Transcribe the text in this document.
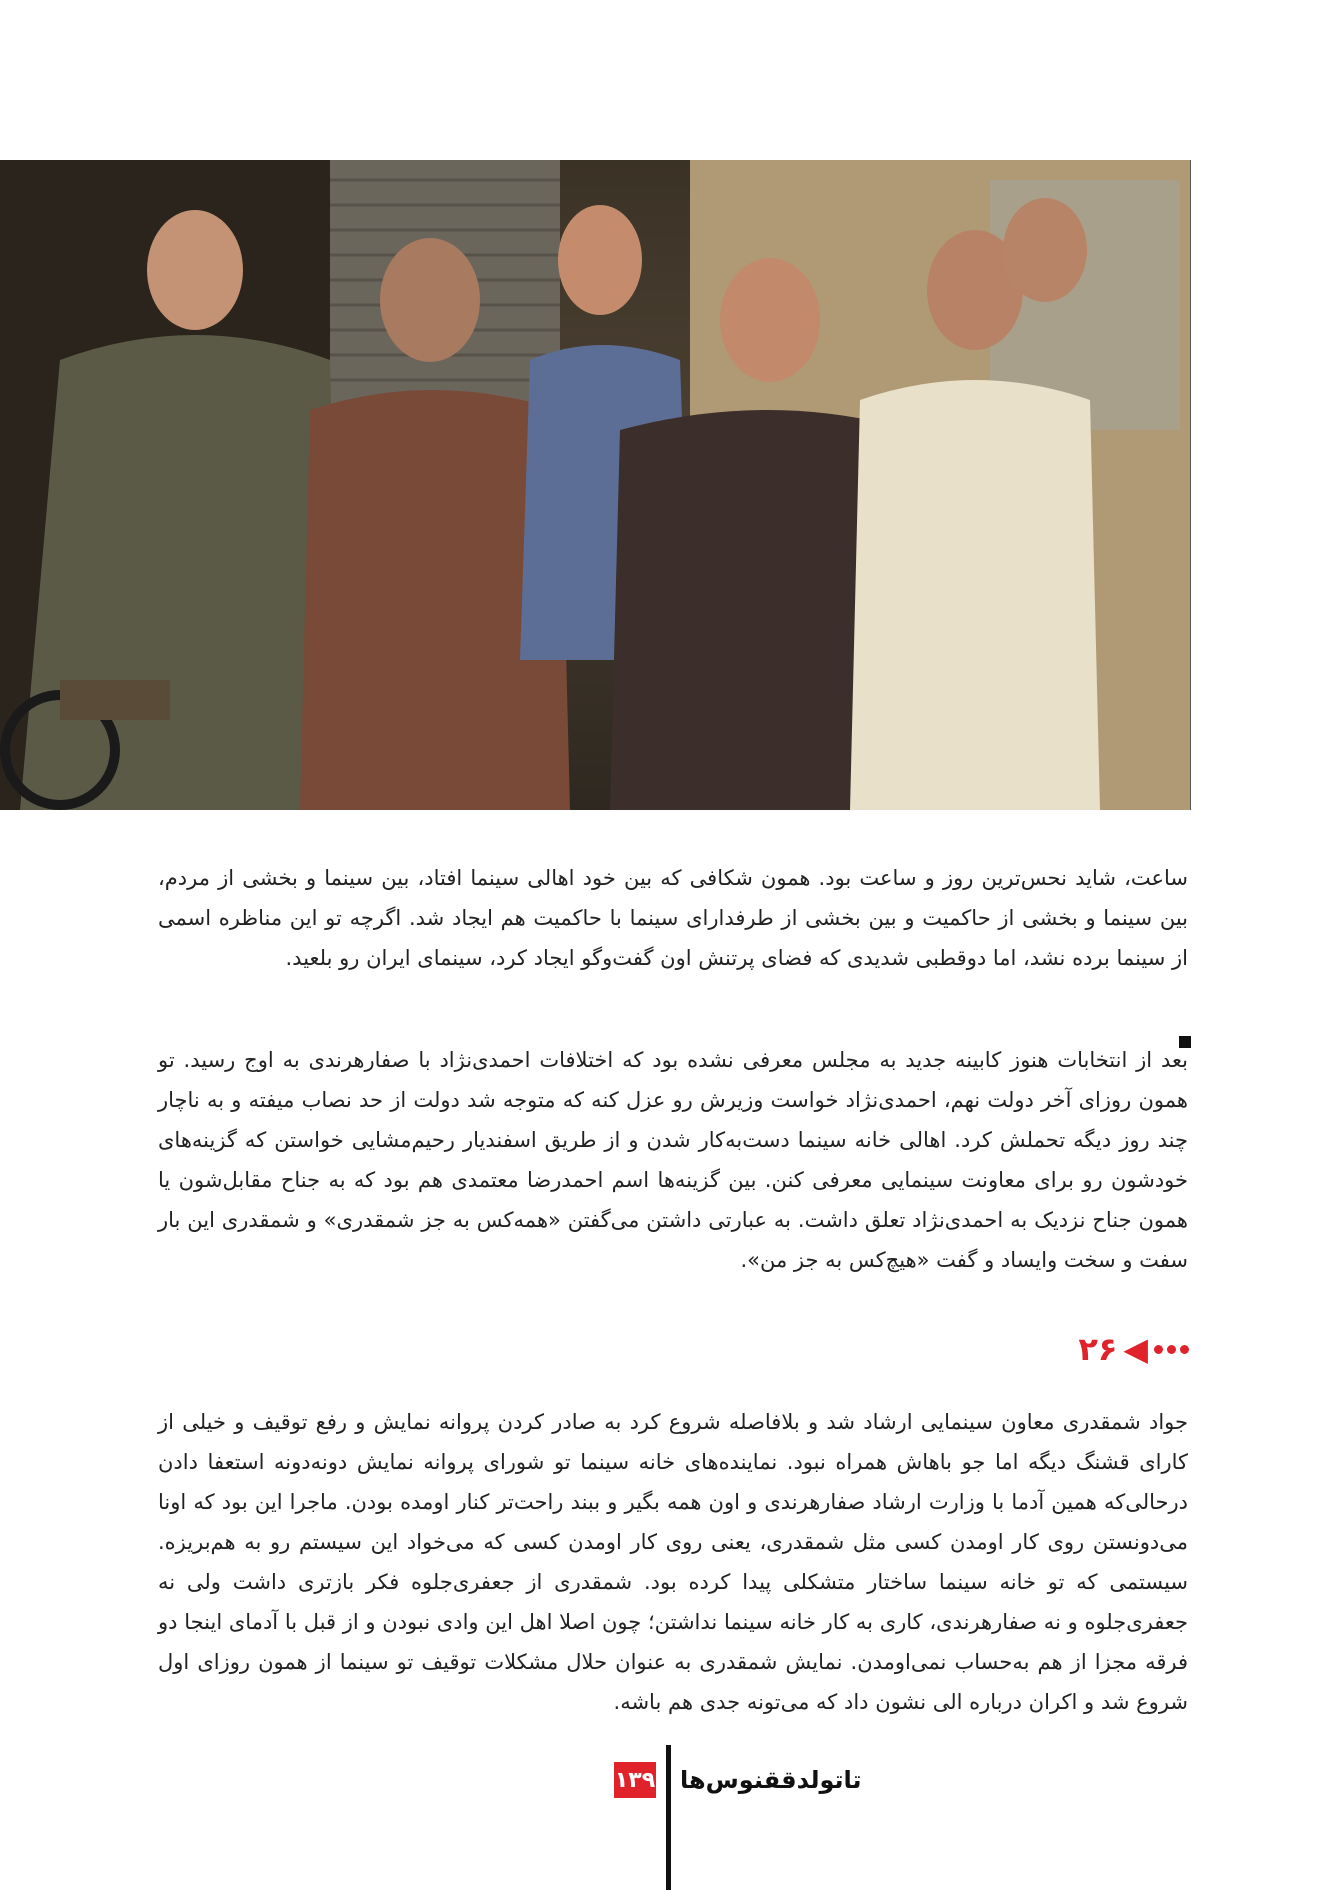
ساعت، شاید نحس‌ترین روز و ساعت بود. همون شکافی که بین خود اهالی سینما افتاد، بین سینما و بخشی از مردم، بین سینما و بخشی از حاکمیت و بین بخشی از طرفدارای سینما با حاکمیت هم ایجاد شد. اگرچه تو این مناظره اسمی از سینما برده نشد، اما دوقطبی شدیدی که فضای پرتنش اون گفت‌وگو ایجاد کرد، سینمای ایران رو بلعید.

بعد از انتخابات هنوز کابینه جدید به مجلس معرفی نشده بود که اختلافات احمدی‌نژاد با صفارهرندی به اوج رسید. تو همون روزای آخر دولت نهم، احمدی‌نژاد خواست وزیرش رو عزل کنه که متوجه شد دولت از حد نصاب میفته و به ناچار چند روز دیگه تحملش کرد. اهالی خانه سینما دست‌به‌کار شدن و از طریق اسفندیار رحیم‌مشایی خواستن که گزینه‌های خودشون رو برای معاونت سینمایی معرفی کنن. بین گزینه‌ها اسم احمدرضا معتمدی هم بود که به جناح مقابل‌شون یا همون جناح نزدیک به احمدی‌نژاد تعلق داشت. به عبارتی داشتن می‌گفتن «همه‌کس به جز شمقدری» و شمقدری این بار سفت و سخت وایساد و گفت «هیچ‌کس به جز من».

۲۶ ◀

جواد شمقدری معاون سینمایی ارشاد شد و بلافاصله شروع کرد به صادر کردن پروانه نمایش و رفع توقیف و خیلی از کارای قشنگ دیگه اما جو باهاش همراه نبود. نماینده‌های خانه سینما تو شورای پروانه نمایش دونه‌دونه استعفا دادن درحالی‌که همین آدما با وزارت ارشاد صفارهرندی و اون همه بگیر و ببند راحت‌تر کنار اومده بودن. ماجرا این بود که اونا می‌دونستن روی کار اومدن کسی مثل شمقدری، یعنی روی کار اومدن کسی که می‌خواد این سیستم رو به هم‌بریزه. سیستمی که تو خانه سینما ساختار متشکلی پیدا کرده بود. شمقدری از جعفری‌جلوه فکر بازتری داشت ولی نه جعفری‌جلوه و نه صفارهرندی، کاری به کار خانه سینما نداشتن؛ چون اصلا اهل این وادی نبودن و از قبل با آدمای اینجا دو فرقه مجزا از هم به‌حساب نمی‌اومدن. نمایش شمقدری به عنوان حلال مشکلات توقیف تو سینما از همون روزای اول شروع شد و اکران درباره الی نشون داد که می‌تونه جدی هم باشه.

۱۳۹ تاتولدققنوس‌ها
